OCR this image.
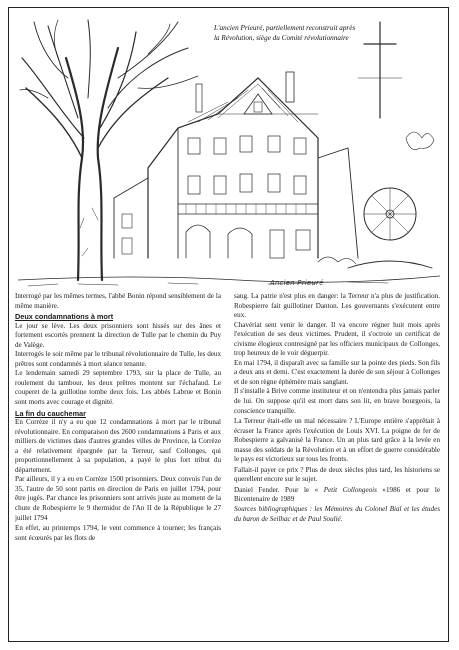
L'ancien Prieuré, partiellement reconstruit après
la Révolution, siège du Comité révolutionnaire
Ancien Prieuré

Interrogé par les mêmes termes, l'abbé Bonin répond sensiblement de la même manière.

Deux condamnations à mort

Le jour se lève. Les deux prisonniers sont hissés sur des ânes et fortement escortés prennent la direction de Tulle par le chemin du Puy de Valège.

Interrogés le soir même par le tribunal révolutionnaire de Tulle, les deux prêtres sont condamnés à mort séance tenante.

Le lendemain samedi 29 septembre 1793, sur la place de Tulle, au roulement du tambour, les deux prêtres montent sur l'échafaud. Le couperet de la guillotine tombe deux fois. Les abbés Labrue et Bonin sont morts avec courage et dignité.

La fin du cauchemar

En Corrèze il n'y a eu que 12 condamnations à mort par le tribunal révolutionnaire. En comparaison des 2600 condamnations à Paris et aux milliers de victimes dans d'autres grandes villes de Province, la Corrèze a été relativement épargnée par la Terreur, sauf Collonges, qui proportionnellement à sa population, a payé le plus fort tribut du département.

Par ailleurs, il y a eu en Corrèze 1500 prisonniers. Deux convois l'un de 35, l'autre de 50 sont partis en direction de Paris en juillet 1794, pour être jugés. Par chance les prisonniers sont arrivés juste au moment de la chute de Robespierre le 9 thermidor de l'An II de la République le 27 juillet 1794

En effet, au printemps 1794, le vent commence à tourner; les français sont écœurés par les flots de

sang. La patrie n'est plus en danger: la Terreur n'a plus de justification. Robespierre fait guillotiner Danton. Les gouvernants s'exécutent entre eux.

Chavériat sent venir le danger. Il va encore régner huit mois après l'exécution de ses deux victimes. Prudent, il s'octroie un certificat de civisme élogieux contresigné par les officiers municipaux de Collonges, trop heureux de le voir déguerpir.

En mai 1794, il disparaît avec sa famille sur la pointe des pieds. Son fils a deux ans et demi. C'est exactement la durée de son séjour à Collonges et de son règne éphémère mais sanglant.

Il s'installe à Brive comme instituteur et on n'entendra plus jamais parler de lui. On suppose qu'il est mort dans son lit, en brave bourgeois, la conscience tranquille.

La Terreur était-elle un mal nécessaire ? L'Europe entière s'apprêtait à écraser la France après l'exécution de Louis XVI. La poigne de fer de Robespierre a galvanisé la France. Un an plus tard grâce à la levée en masse des soldats de la Révolution et à un effort de guerre considérable le pays est victorieux sur tous les fronts.

Fallait-il payer ce prix ? Plus de deux siècles plus tard, les historiens se querellent encore sur le sujet.

Daniel Fender. Pour le « Petit Collongeois »1986 et pour le Bicentenaire de 1989

Sources bibliographiques : les Mémoires du Colonel Bial et les études du baron de Seilhac et de Paul Soulié.
